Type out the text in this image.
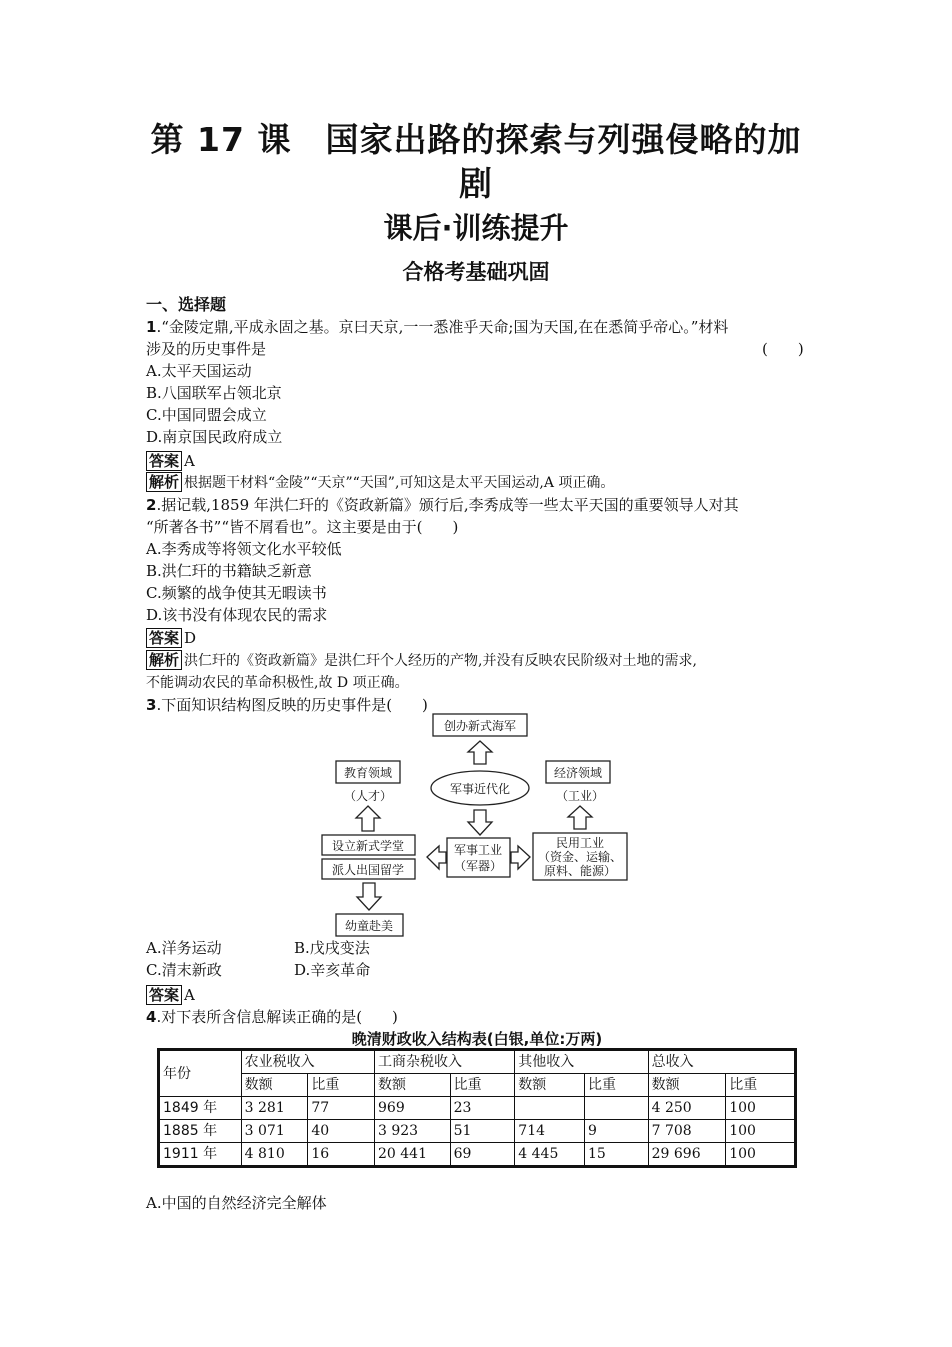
第 17 课　国家出路的探索与列强侵略的加
剧
课后·训练提升
合格考基础巩固
一、选择题
1.“金陵定鼎,平成永固之基。京曰天京,一一悉准乎天命;国为天国,在在悉简乎帝心。”材料
涉及的历史事件是	(　　)
A.太平天国运动
B.八国联军占领北京
C.中国同盟会成立
D.南京国民政府成立
答案 A
解析 根据题干材料“金陵”“天京”“天国”,可知这是太平天国运动,A 项正确。
2.据记载,1859 年洪仁玕的《资政新篇》颁行后,李秀成等一些太平天国的重要领导人对其
“所著各书”“皆不屑看也”。这主要是由于(　　)
A.李秀成等将领文化水平较低
B.洪仁玕的书籍缺乏新意
C.频繁的战争使其无暇读书
D.该书没有体现农民的需求
答案 D
解析 洪仁玕的《资政新篇》是洪仁玕个人经历的产物,并没有反映农民阶级对土地的需求,
不能调动农民的革命积极性,故 D 项正确。
3.下面知识结构图反映的历史事件是(　　)
创办新式海军
教育领域
（人才）	军事近代化
经济领域
（工业）
设立新式学堂
派人出国留学
军事工业
（军器）
民用工业
（资金、运输、
原料、能源）
幼童赴美
A.洋务运动	B.戊戌变法
C.清末新政	D.辛亥革命
答案 A
4.对下表所含信息解读正确的是(　　)
晚清财政收入结构表(白银,单位:万两)
年份	农业税收入		工商杂税收入		其他收入		总收入	
	数额	比重	数额	比重	数额	比重	数额	比重
1849 年	3 281	77	969	23			4 250	100
1885 年	3 071	40	3 923	51	714	9	7 708	100
1911 年	4 810	16	20 441	69	4 445	15	29 696	100
A.中国的自然经济完全解体
